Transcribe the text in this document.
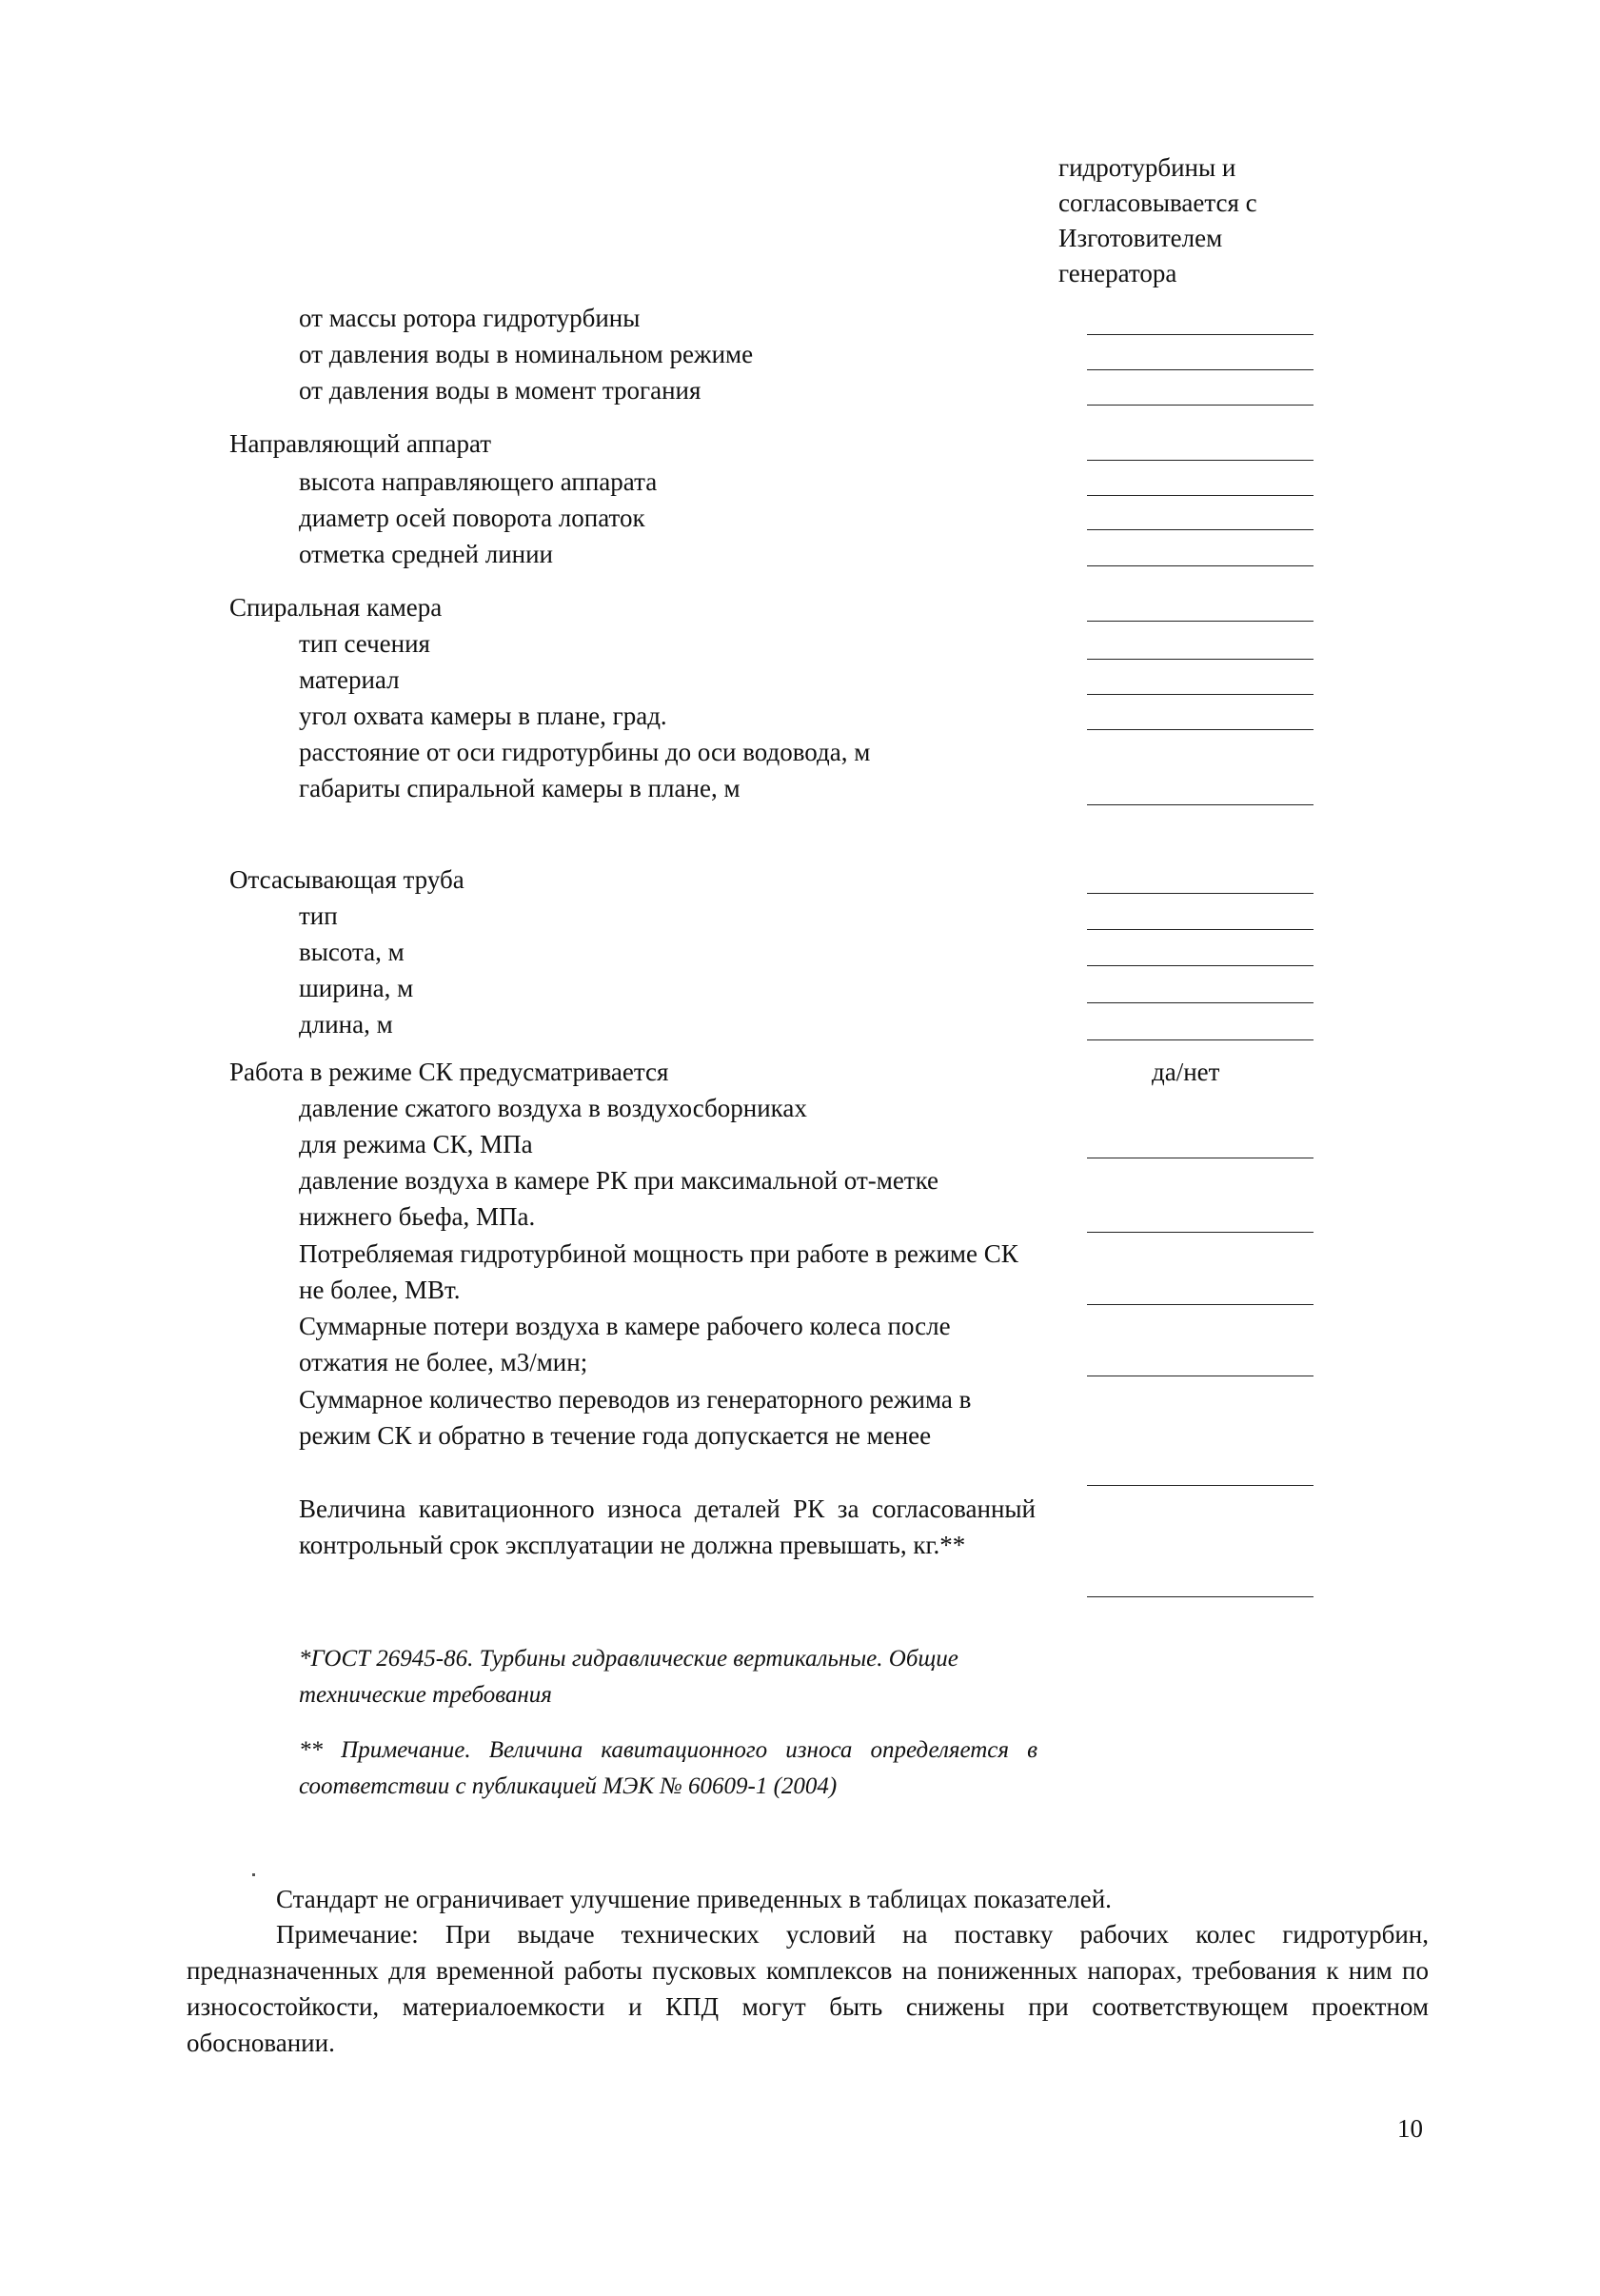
гидротурбины и
согласовывается с
Изготовителем
генератора
от массы ротора гидротурбины
от давления воды в номинальном режиме
от давления воды в момент трогания
Направляющий аппарат
высота направляющего аппарата
диаметр осей поворота лопаток
отметка средней линии
Спиральная камера
тип сечения
материал
угол охвата камеры в плане, град.
расстояние от оси гидротурбины до оси водовода, м
габариты спиральной камеры в плане, м
Отсасывающая труба
тип
высота, м
ширина, м
длина, м
Работа в режиме СК предусматривается	да/нет
давление сжатого воздуха в воздухосборниках для режима СК, МПа
давление воздуха в камере РК при максимальной от-метке нижнего бьефа, МПа.
Потребляемая гидротурбиной мощность при работе в режиме СК не более, МВт.
Суммарные потери воздуха в камере рабочего колеса после отжатия не более, м3/мин;
Суммарное количество переводов из генераторного режима в режим СК и обратно в течение года допускается не менее
Величина кавитационного износа деталей РК за согласованный контрольный срок эксплуатации не должна превышать, кг.**
*ГОСТ 26945-86. Турбины гидравлические вертикальные. Общие технические требования
** Примечание. Величина кавитационного износа определяется в соответствии с публикацией МЭК № 60609-1 (2004)
Стандарт не ограничивает улучшение приведенных в таблицах показателей.
Примечание: При выдаче технических условий на поставку рабочих колес гидротурбин, предназначенных для временной работы пусковых комплексов на пониженных напорах, требования к ним по износостойкости, материалоемкости и КПД могут быть снижены при соответствующем проектном обосновании.
10
